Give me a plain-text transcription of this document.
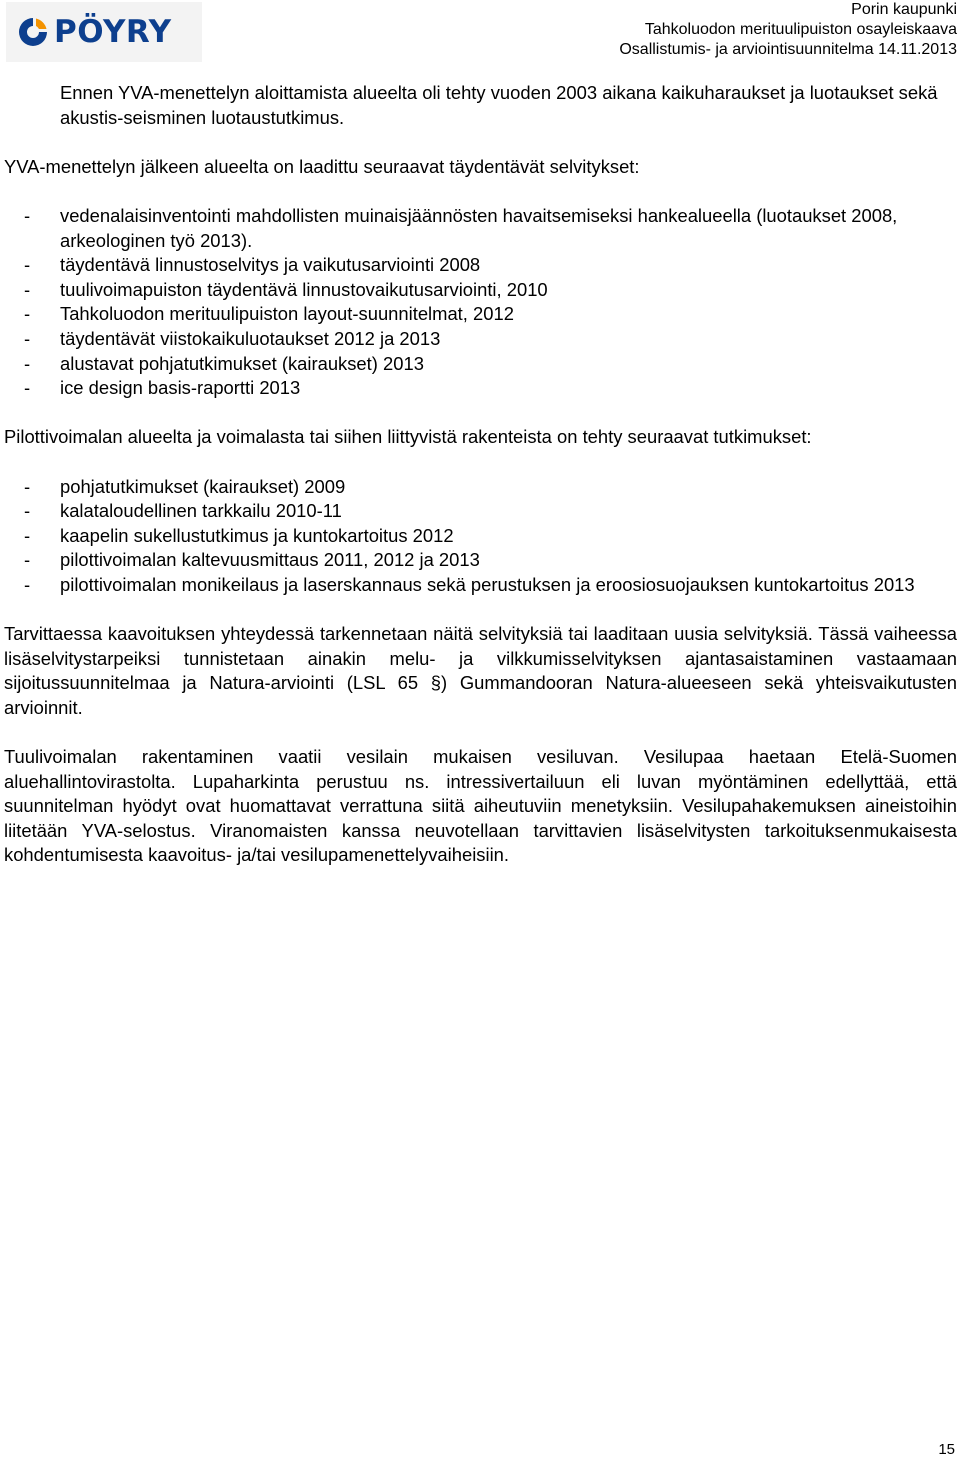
PÖYRY
Porin kaupunki
Tahkoluodon merituulipuiston osayleiskaava
Osallistumis- ja arviointisuunnitelma 14.11.2013

Ennen YVA-menettelyn aloittamista alueelta oli tehty vuoden 2003 aikana kaikuharaukset ja luotaukset sekä akustis-seisminen luotaustutkimus.

YVA-menettelyn jälkeen alueelta on laadittu seuraavat täydentävät selvitykset:

- vedenalaisinventointi mahdollisten muinaisjäännösten havaitsemiseksi hankealueella (luotaukset 2008, arkeologinen työ 2013).
- täydentävä linnustoselvitys ja vaikutusarviointi 2008
- tuulivoimapuiston täydentävä linnustovaikutusarviointi, 2010
- Tahkoluodon merituulipuiston layout-suunnitelmat, 2012
- täydentävät viistokaikuluotaukset 2012 ja 2013
- alustavat pohjatutkimukset (kairaukset) 2013
- ice design basis-raportti 2013

Pilottivoimalan alueelta ja voimalasta tai siihen liittyvistä rakenteista on tehty seuraavat tutkimukset:

- pohjatutkimukset (kairaukset) 2009
- kalataloudellinen tarkkailu 2010-11
- kaapelin sukellustutkimus ja kuntokartoitus 2012
- pilottivoimalan kaltevuusmittaus 2011, 2012 ja 2013
- pilottivoimalan monikeilaus ja laserskannaus sekä perustuksen ja eroosiosuojauksen kuntokartoitus 2013

Tarvittaessa kaavoituksen yhteydessä tarkennetaan näitä selvityksiä tai laaditaan uusia selvityksiä. Tässä vaiheessa lisäselvitystarpeiksi tunnistetaan ainakin melu- ja vilkkumisselvityksen ajantasaistaminen vastaamaan sijoitussuunnitelmaa ja Natura-arviointi (LSL 65 §) Gummandooran Natura-alueeseen sekä yhteisvaikutusten arvioinnit.

Tuulivoimalan rakentaminen vaatii vesilain mukaisen vesiluvan. Vesilupaa haetaan Etelä-Suomen aluehallintovirastolta. Lupaharkinta perustuu ns. intressivertailuun eli luvan myöntäminen edellyttää, että suunnitelman hyödyt ovat huomattavat verrattuna siitä aiheutuviin menetyksiin. Vesilupahakemuksen aineistoihin liitetään YVA-selostus. Viranomaisten kanssa neuvotellaan tarvittavien lisäselvitysten tarkoituksenmukaisesta kohdentumisesta kaavoitus- ja/tai vesilupamenettelyvaiheisiin.

15
